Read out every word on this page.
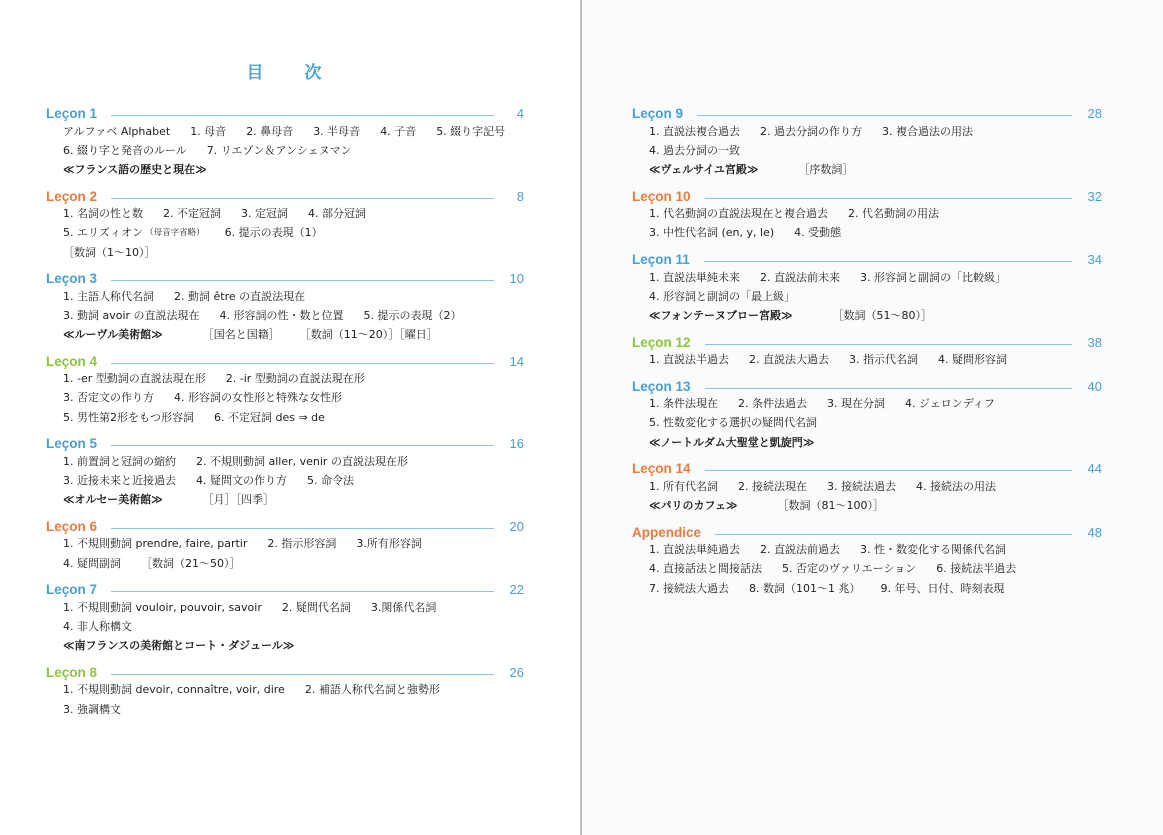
目　次
Leçon 1	4
アルファベ Alphabet 1. 母音 2. 鼻母音 3. 半母音 4. 子音 5. 綴り字記号
6. 綴り字と発音のルール 7. リエゾン＆アンシェヌマン
≪フランス語の歴史と現在≫
Leçon 2	8
1. 名詞の性と数 2. 不定冠詞 3. 定冠詞 4. 部分冠詞
5. エリズィオン （母音字省略） 6. 提示の表現（1）
［数詞（1〜10）］
Leçon 3	10
1. 主語人称代名詞 2. 動詞 être の直説法現在
3. 動詞 avoir の直説法現在 4. 形容詞の性・数と位置 5. 提示の表現（2）
≪ルーヴル美術館≫	［国名と国籍］ ［数詞（11〜20）］［曜日］
Leçon 4	14
1. -er 型動詞の直説法現在形 2. -ir 型動詞の直説法現在形
3. 否定文の作り方 4. 形容詞の女性形と特殊な女性形
5. 男性第2形をもつ形容詞 6. 不定冠詞 des ⇒ de
Leçon 5	16
1. 前置詞と冠詞の縮約 2. 不規則動詞 aller, venir の直説法現在形
3. 近接未来と近接過去 4. 疑問文の作り方 5. 命令法
≪オルセー美術館≫	［月］［四季］
Leçon 6	20
1. 不規則動詞 prendre, faire, partir 2. 指示形容詞 3.所有形容詞
4. 疑問副詞 ［数詞（21〜50）］
Leçon 7	22
1. 不規則動詞 vouloir, pouvoir, savoir 2. 疑問代名詞 3.関係代名詞
4. 非人称構文
≪南フランスの美術館とコート・ダジュール≫
Leçon 8	26
1. 不規則動詞 devoir, connaître, voir, dire 2. 補語人称代名詞と強勢形
3. 強調構文
Leçon 9	28
1. 直説法複合過去 2. 過去分詞の作り方 3. 複合過法の用法
4. 過去分詞の一致
≪ヴェルサイユ宮殿≫	［序数詞］
Leçon 10	32
1. 代名動詞の直説法現在と複合過去 2. 代名動詞の用法
3. 中性代名詞 (en, y, le) 4. 受動態
Leçon 11	34
1. 直説法単純未来 2. 直説法前未来 3. 形容詞と副詞の「比較級」
4. 形容詞と副詞の「最上級」
≪フォンテーヌブロー宮殿≫	［数詞（51〜80）］
Leçon 12	38
1. 直説法半過去 2. 直説法大過去 3. 指示代名詞 4. 疑問形容詞
Leçon 13	40
1. 条件法現在 2. 条件法過去 3. 現在分詞 4. ジェロンディフ
5. 性数変化する選択の疑問代名詞
≪ノートルダム大聖堂と凱旋門≫
Leçon 14	44
1. 所有代名詞 2. 接続法現在 3. 接続法過去 4. 接続法の用法
≪パリのカフェ≫	［数詞（81〜100）］
Appendice	48
1. 直説法単純過去 2. 直説法前過去 3. 性・数変化する関係代名詞
4. 直接話法と間接話法 5. 否定のヴァリエーション 6. 接続法半過去
7. 接続法大過去 8. 数詞（101〜1 兆） 9. 年号、日付、時刻表現
